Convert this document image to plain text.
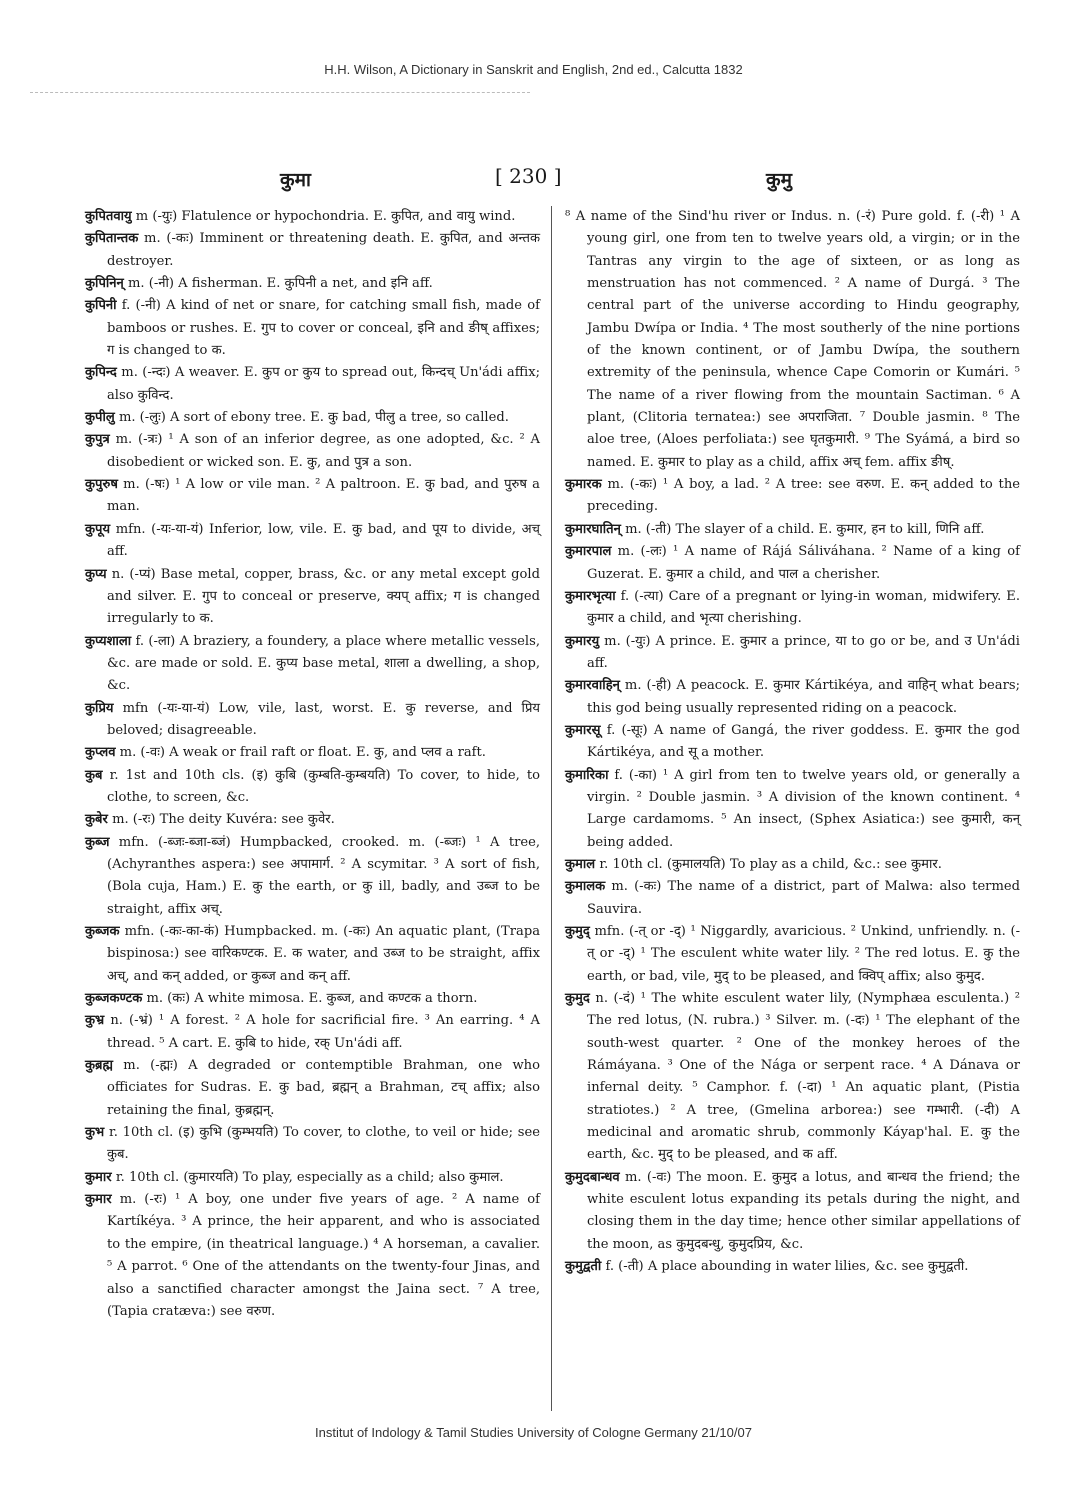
H.H. Wilson, A Dictionary in Sanskrit and English, 2nd ed., Calcutta 1832
कुमा	[ 230 ]	कुमु

कुपितवायु m (-युः) Flatulence or hypochondria. E. कुपित, and वायु wind.

कुपितान्तक m. (-कः) Imminent or threatening death. E. कुपित, and अन्तक destroyer.

कुपिनिन् m. (-नी) A fisherman. E. कुपिनी a net, and इनि aff.

कुपिनी f. (-नी) A kind of net or snare, for catching small fish, made of bamboos or rushes. E. गुप to cover or conceal, इनि and ङीष् affixes; ग is changed to क.

कुपिन्द m. (-न्दः) A weaver. E. कुप or कुय to spread out, किन्दच् Un'ádi affix; also कुविन्द.

कुपीलु m. (-लुः) A sort of ebony tree. E. कु bad, पीलु a tree, so called.

कुपुत्र m. (-त्रः) ¹ A son of an inferior degree, as one adopted, &c. ² A disobedient or wicked son. E. कु, and पुत्र a son.

कुपुरुष m. (-षः) ¹ A low or vile man. ² A paltroon. E. कु bad, and पुरुष a man.

कुपूय mfn. (-यः-या-यं) Inferior, low, vile. E. कु bad, and पूय to divide, अच् aff.

कुप्य n. (-प्यं) Base metal, copper, brass, &c. or any metal except gold and silver. E. गुप to conceal or preserve, क्यप् affix; ग is changed irregularly to क.

कुप्यशाला f. (-ला) A braziery, a foundery, a place where metallic vessels, &c. are made or sold. E. कुप्य base metal, शाला a dwelling, a shop, &c.

कुप्रिय mfn (-यः-या-यं) Low, vile, last, worst. E. कु reverse, and प्रिय beloved; disagreeable.

कुप्लव m. (-वः) A weak or frail raft or float. E. कु, and प्लव a raft.

कुब r. 1st and 10th cls. (इ) कुबि (कुम्बति-कुम्बयति) To cover, to hide, to clothe, to screen, &c.

कुबेर m. (-रः) The deity Kuvéra: see कुवेर.

कुब्ज mfn. (-ब्जः-ब्जा-ब्जं) Humpbacked, crooked. m. (-ब्जः) ¹ A tree, (Achyranthes aspera:) see अपामार्ग. ² A scymitar. ³ A sort of fish, (Bola cuja, Ham.) E. कु the earth, or कु ill, badly, and उब्ज to be straight, affix अच्.

कुब्जक mfn. (-कः-का-कं) Humpbacked. m. (-कः) An aquatic plant, (Trapa bispinosa:) see वारिकण्टक. E. क water, and उब्ज to be straight, affix अच्, and कन् added, or कुब्ज and कन् aff.

कुब्जकण्टक m. (कः) A white mimosa. E. कुब्ज, and कण्टक a thorn.

कुभ्र n. (-भ्रं) ¹ A forest. ² A hole for sacrificial fire. ³ An earring. ⁴ A thread. ⁵ A cart. E. कुबि to hide, रक् Un'ádi aff.

कुब्रह्म m. (-ह्मः) A degraded or contemptible Brahman, one who officiates for Sudras. E. कु bad, ब्रह्मन् a Brahman, टच् affix; also retaining the final, कुब्रह्मन्.

कुभ r. 10th cl. (इ) कुभि (कुम्भयति) To cover, to clothe, to veil or hide; see कुब.

कुमार r. 10th cl. (कुमारयति) To play, especially as a child; also कुमाल.

कुमार m. (-रः) ¹ A boy, one under five years of age. ² A name of Kartíkéya. ³ A prince, the heir apparent, and who is associated to the empire, (in theatrical language.) ⁴ A horseman, a cavalier. ⁵ A parrot. ⁶ One of the attendants on the twenty-four Jinas, and also a sanctified character amongst the Jaina sect. ⁷ A tree, (Tapia cratæva:) see वरुण.

⁸ A name of the Sind'hu river or Indus. n. (-रं) Pure gold. f. (-री) ¹ A young girl, one from ten to twelve years old, a virgin; or in the Tantras any virgin to the age of sixteen, or as long as menstruation has not commenced. ² A name of Durgá. ³ The central part of the universe according to Hindu geography, Jambu Dwípa or India. ⁴ The most southerly of the nine portions of the known continent, or of Jambu Dwípa, the southern extremity of the peninsula, whence Cape Comorin or Kumári. ⁵ The name of a river flowing from the mountain Sactiman. ⁶ A plant, (Clitoria ternatea:) see अपराजिता. ⁷ Double jasmin. ⁸ The aloe tree, (Aloes perfoliata:) see घृतकुमारी. ⁹ The Syámá, a bird so named. E. कुमार to play as a child, affix अच् fem. affix ङीष्.

कुमारक m. (-कः) ¹ A boy, a lad. ² A tree: see वरुण. E. कन् added to the preceding.

कुमारघातिन् m. (-ती) The slayer of a child. E. कुमार, हन to kill, णिनि aff.

कुमारपाल m. (-लः) ¹ A name of Rájá Sáliváhana. ² Name of a king of Guzerat. E. कुमार a child, and पाल a cherisher.

कुमारभृत्या f. (-त्या) Care of a pregnant or lying-in woman, midwifery. E. कुमार a child, and भृत्या cherishing.

कुमारयु m. (-युः) A prince. E. कुमार a prince, या to go or be, and उ Un'ádi aff.

कुमारवाहिन् m. (-ही) A peacock. E. कुमार Kártikéya, and वाहिन् what bears; this god being usually represented riding on a peacock.

कुमारसू f. (-सूः) A name of Gangá, the river goddess. E. कुमार the god Kártikéya, and सू a mother.

कुमारिका f. (-का) ¹ A girl from ten to twelve years old, or generally a virgin. ² Double jasmin. ³ A division of the known continent. ⁴ Large cardamoms. ⁵ An insect, (Sphex Asiatica:) see कुमारी, कन् being added.

कुमाल r. 10th cl. (कुमालयति) To play as a child, &c.: see कुमार.

कुमालक m. (-कः) The name of a district, part of Malwa: also termed Sauvira.

कुमुद् mfn. (-त् or -द्) ¹ Niggardly, avaricious. ² Unkind, unfriendly. n. (-त् or -द्) ¹ The esculent white water lily. ² The red lotus. E. कु the earth, or bad, vile, मुद् to be pleased, and क्विप् affix; also कुमुद.

कुमुद n. (-दं) ¹ The white esculent water lily, (Nymphæa esculenta.) ² The red lotus, (N. rubra.) ³ Silver. m. (-दः) ¹ The elephant of the south-west quarter. ² One of the monkey heroes of the Rámáyana. ³ One of the Nága or serpent race. ⁴ A Dánava or infernal deity. ⁵ Camphor. f. (-दा) ¹ An aquatic plant, (Pistia stratiotes.) ² A tree, (Gmelina arborea:) see गम्भारी. (-दी) A medicinal and aromatic shrub, commonly Káyap'hal. E. कु the earth, &c. मुद् to be pleased, and क aff.

कुमुदबान्धव m. (-वः) The moon. E. कुमुद a lotus, and बान्धव the friend; the white esculent lotus expanding its petals during the night, and closing them in the day time; hence other similar appellations of the moon, as कुमुदबन्धु, कुमुदप्रिय, &c.

कुमुद्वती f. (-ती) A place abounding in water lilies, &c. see कुमुद्वती.

Institut of Indology & Tamil Studies University of Cologne Germany 21/10/07
